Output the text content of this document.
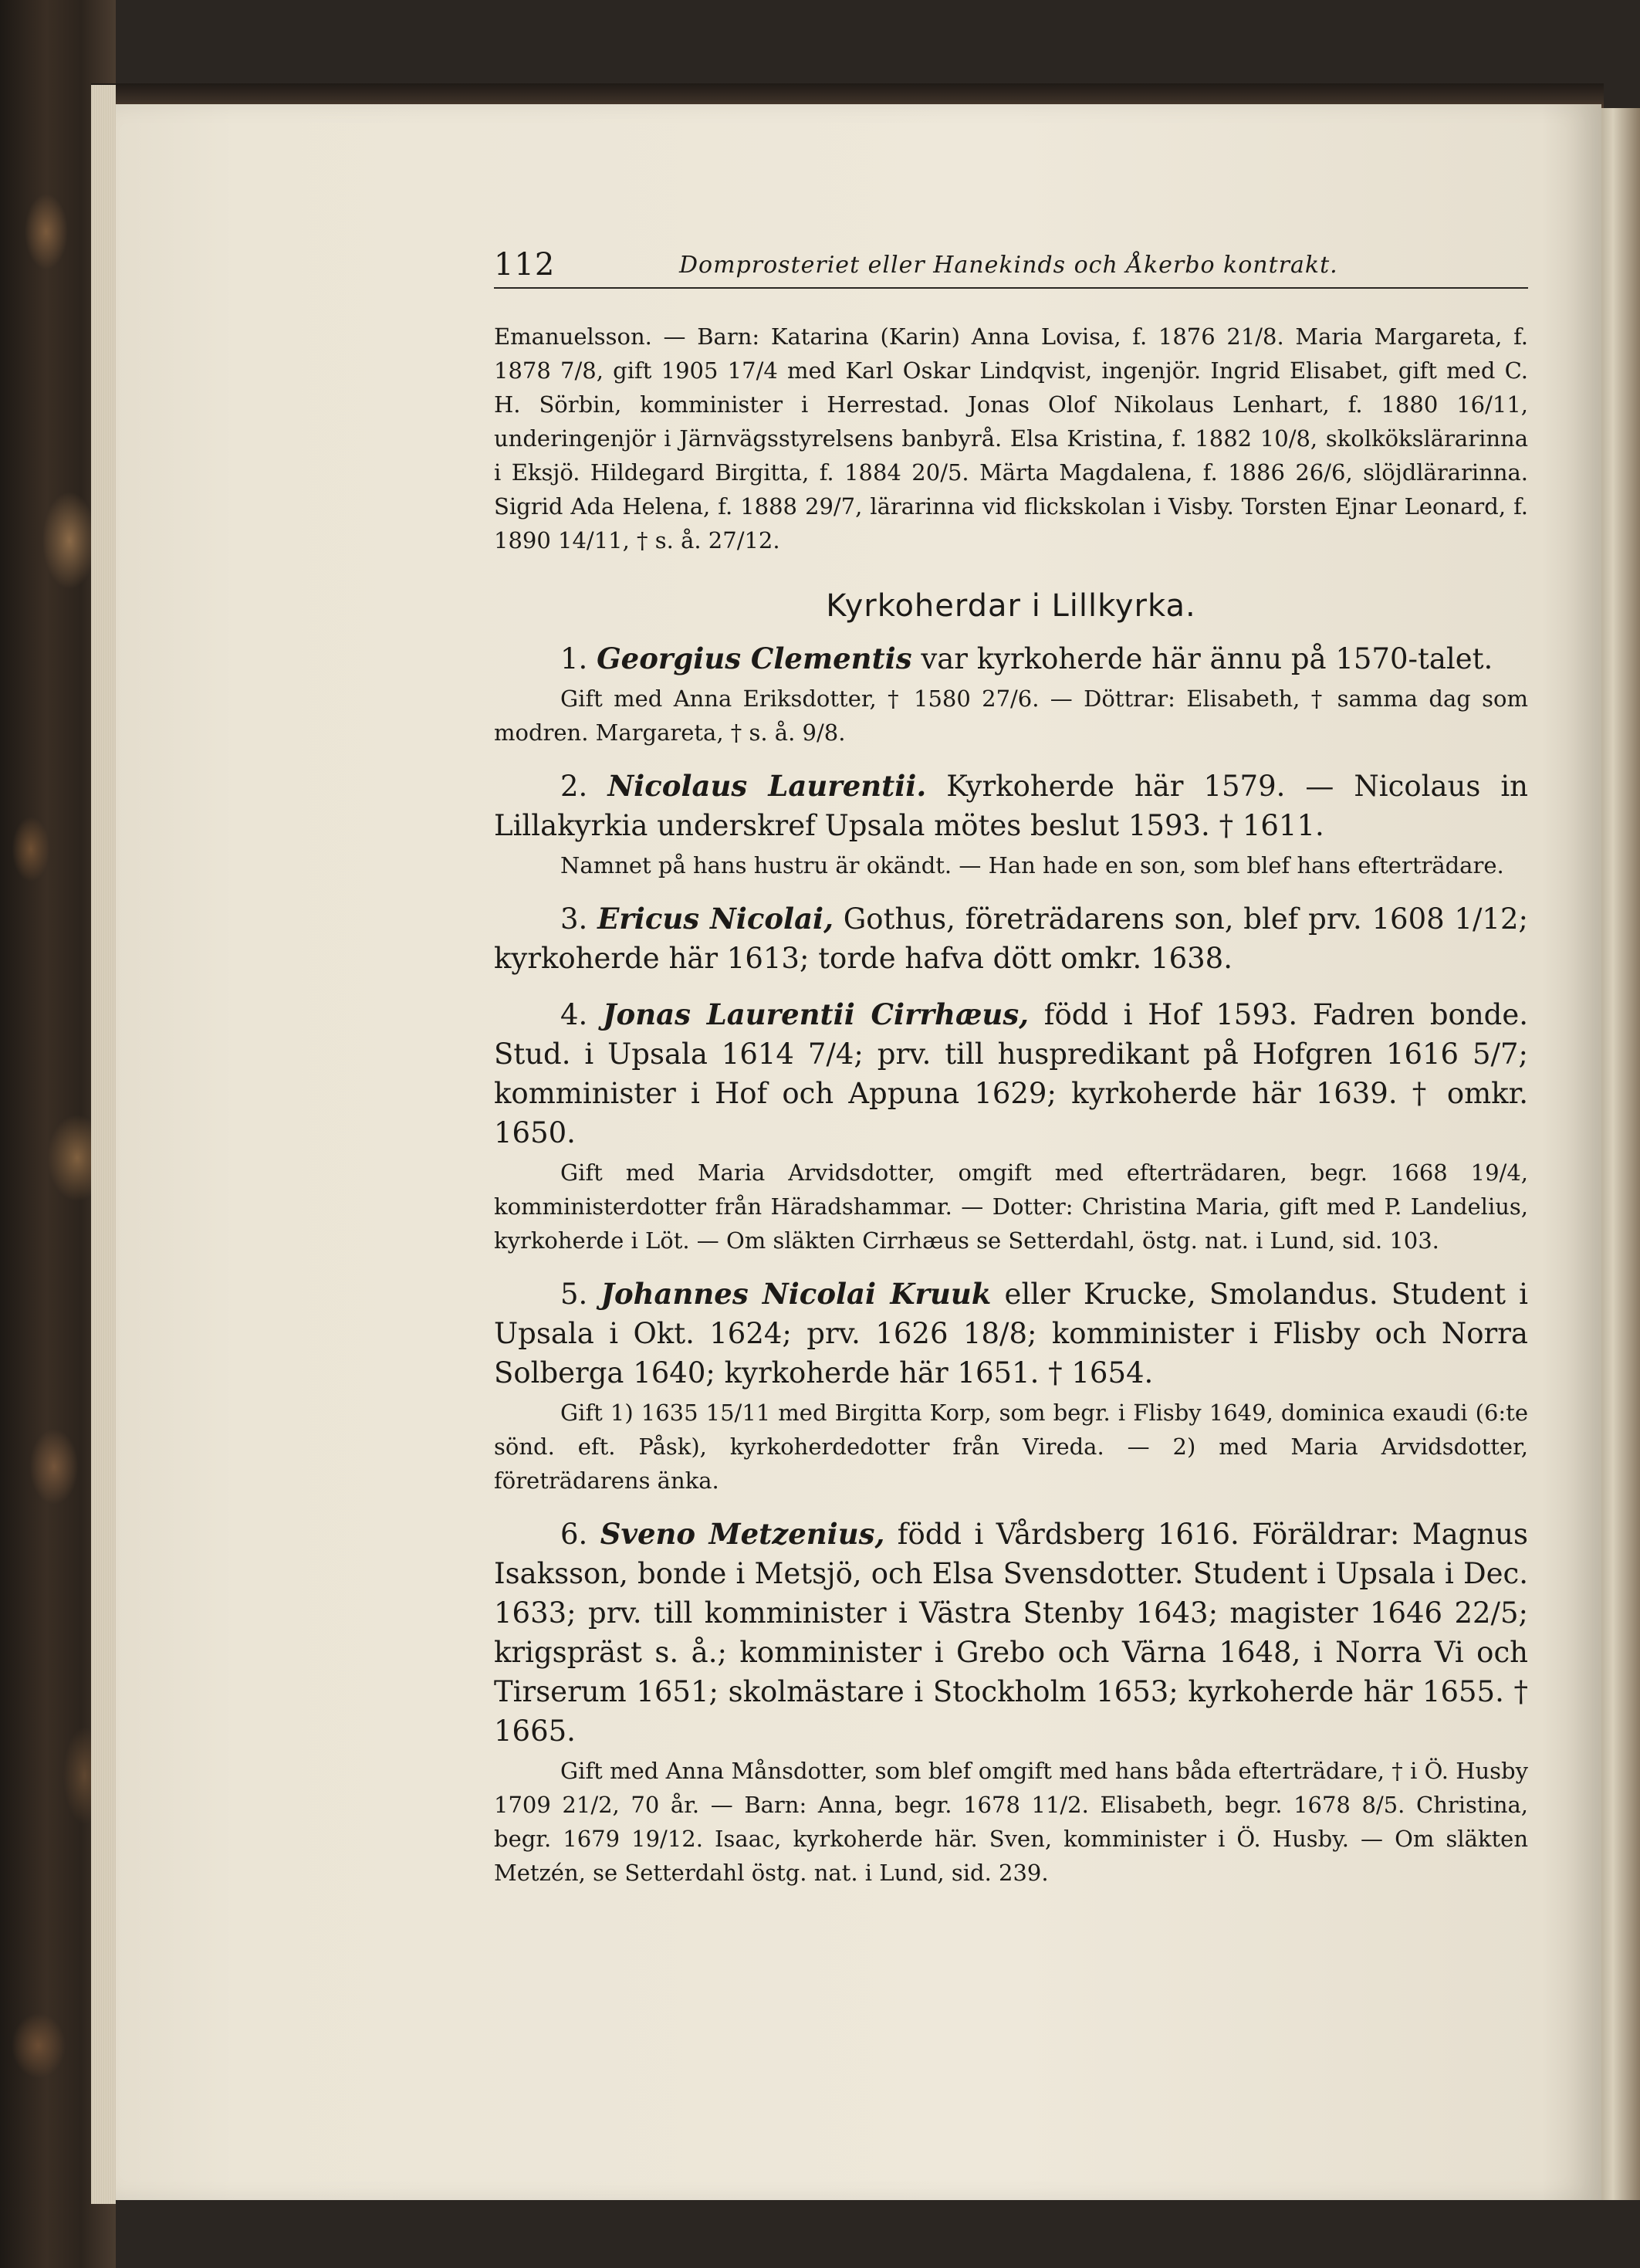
112	Domprosteriet eller Hanekinds och Åkerbo kontrakt.

Emanuelsson. — Barn: Katarina (Karin) Anna Lovisa, f. 1876 21/8. Maria Margareta, f. 1878 7/8, gift 1905 17/4 med Karl Oskar Lindqvist, ingenjör. Ingrid Elisabet, gift med C. H. Sörbin, komminister i Herrestad. Jonas Olof Nikolaus Lenhart, f. 1880 16/11, underingenjör i Järnvägsstyrelsens banbyrå. Elsa Kristina, f. 1882 10/8, skolkökslärarinna i Eksjö. Hildegard Birgitta, f. 1884 20/5. Märta Magdalena, f. 1886 26/6, slöjdlärarinna. Sigrid Ada Helena, f. 1888 29/7, lärarinna vid flickskolan i Visby. Torsten Ejnar Leonard, f. 1890 14/11, † s. å. 27/12.

Kyrkoherdar i Lillkyrka.

1. Georgius Clementis var kyrkoherde här ännu på 1570-talet.

Gift med Anna Eriksdotter, † 1580 27/6. — Döttrar: Elisabeth, † samma dag som modren. Margareta, † s. å. 9/8.

2. Nicolaus Laurentii. Kyrkoherde här 1579. — Nicolaus in Lillakyrkia underskref Upsala mötes beslut 1593. † 1611.

Namnet på hans hustru är okändt. — Han hade en son, som blef hans efterträdare.

3. Ericus Nicolai, Gothus, företrädarens son, blef prv. 1608 1/12; kyrkoherde här 1613; torde hafva dött omkr. 1638.

4. Jonas Laurentii Cirrhæus, född i Hof 1593. Fadren bonde. Stud. i Upsala 1614 7/4; prv. till huspredikant på Hofgren 1616 5/7; komminister i Hof och Appuna 1629; kyrkoherde här 1639. † omkr. 1650.

Gift med Maria Arvidsdotter, omgift med efterträdaren, begr. 1668 19/4, komministerdotter från Häradshammar. — Dotter: Christina Maria, gift med P. Landelius, kyrkoherde i Löt. — Om släkten Cirrhæus se Setterdahl, östg. nat. i Lund, sid. 103.

5. Johannes Nicolai Kruuk eller Krucke, Smolandus. Student i Upsala i Okt. 1624; prv. 1626 18/8; komminister i Flisby och Norra Solberga 1640; kyrkoherde här 1651. † 1654.

Gift 1) 1635 15/11 med Birgitta Korp, som begr. i Flisby 1649, dominica exaudi (6:te sönd. eft. Påsk), kyrkoherdedotter från Vireda. — 2) med Maria Arvidsdotter, företrädarens änka.

6. Sveno Metzenius, född i Vårdsberg 1616. Föräldrar: Magnus Isaksson, bonde i Metsjö, och Elsa Svensdotter. Student i Upsala i Dec. 1633; prv. till komminister i Västra Stenby 1643; magister 1646 22/5; krigspräst s. å.; komminister i Grebo och Värna 1648, i Norra Vi och Tirserum 1651; skolmästare i Stockholm 1653; kyrkoherde här 1655. † 1665.

Gift med Anna Månsdotter, som blef omgift med hans båda efterträdare, † i Ö. Husby 1709 21/2, 70 år. — Barn: Anna, begr. 1678 11/2. Elisabeth, begr. 1678 8/5. Christina, begr. 1679 19/12. Isaac, kyrkoherde här. Sven, komminister i Ö. Husby. — Om släkten Metzén, se Setterdahl östg. nat. i Lund, sid. 239.
